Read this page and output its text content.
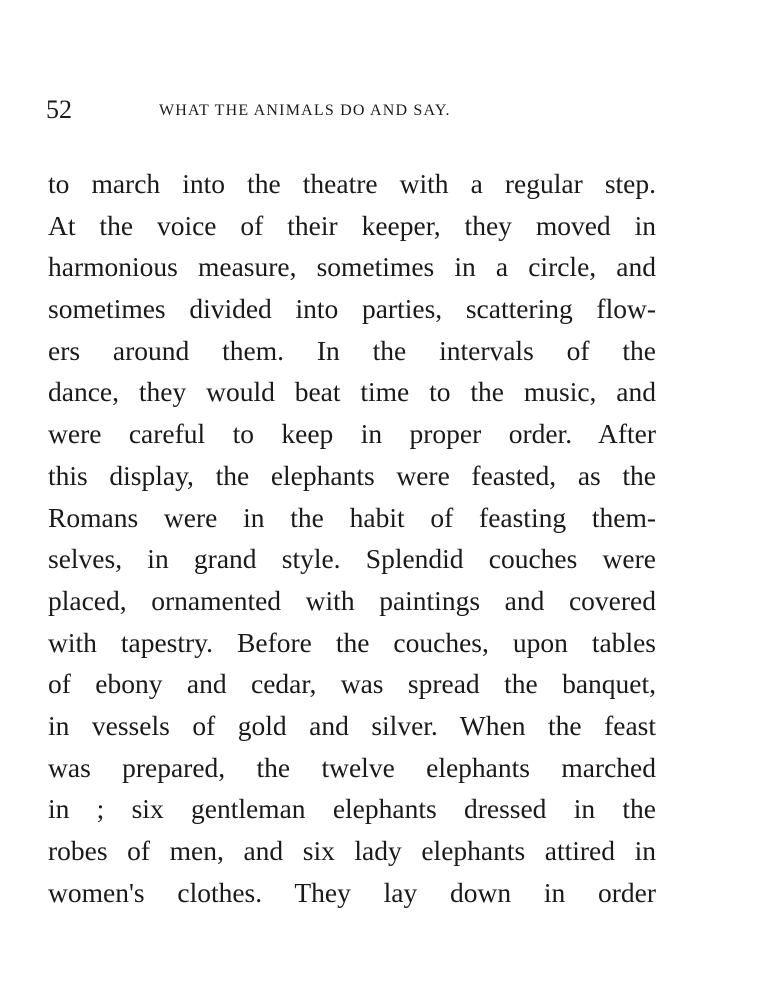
52	WHAT THE ANIMALS DO AND SAY.
to march into the theatre with a regular step.
At the voice of their keeper, they moved in
harmonious measure, sometimes in a circle, and
sometimes divided into parties, scattering flow-
ers around them. In the intervals of the
dance, they would beat time to the music, and
were careful to keep in proper order. After
this display, the elephants were feasted, as the
Romans were in the habit of feasting them-
selves, in grand style. Splendid couches were
placed, ornamented with paintings and covered
with tapestry. Before the couches, upon tables
of ebony and cedar, was spread the banquet,
in vessels of gold and silver. When the feast
was prepared, the twelve elephants marched
in ; six gentleman elephants dressed in the
robes of men, and six lady elephants attired in
women's clothes. They lay down in order
